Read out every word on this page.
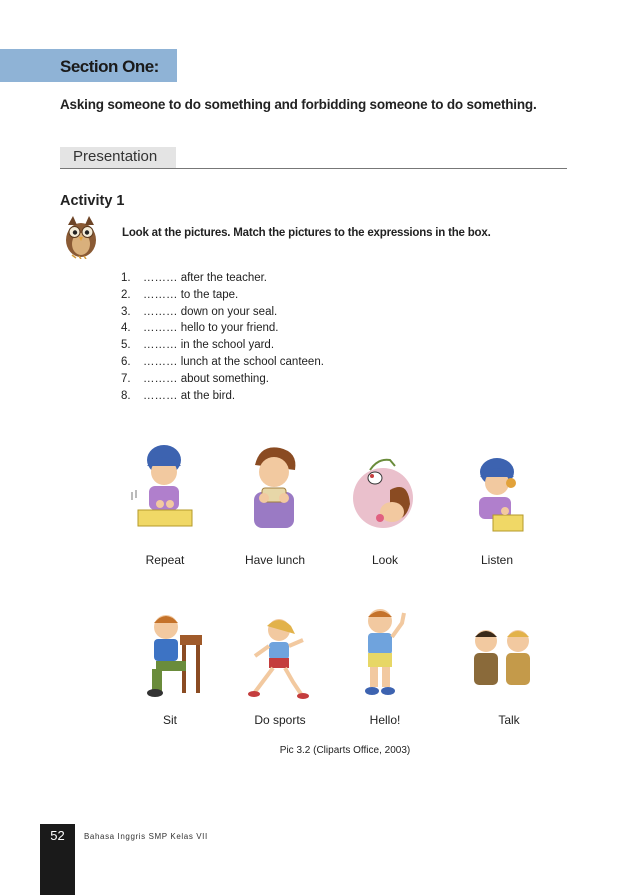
Section One:
Asking someone to do something and forbidding someone to do something.
Presentation
Activity 1
Look at the pictures. Match the pictures to the expressions in the box.
1. ……… after the teacher.
2. ……… to the tape.
3. ……… down on your seal.
4. ……… hello to your friend.
5. ……… in the school yard.
6. ……… lunch at the school canteen.
7. ……… about something.
8. ……… at the bird.
Repeat	Have lunch	Look	Listen
Sit	Do sports	Hello!	Talk
Pic 3.2 (Cliparts Office, 2003)
52	Bahasa Inggris SMP Kelas VII
